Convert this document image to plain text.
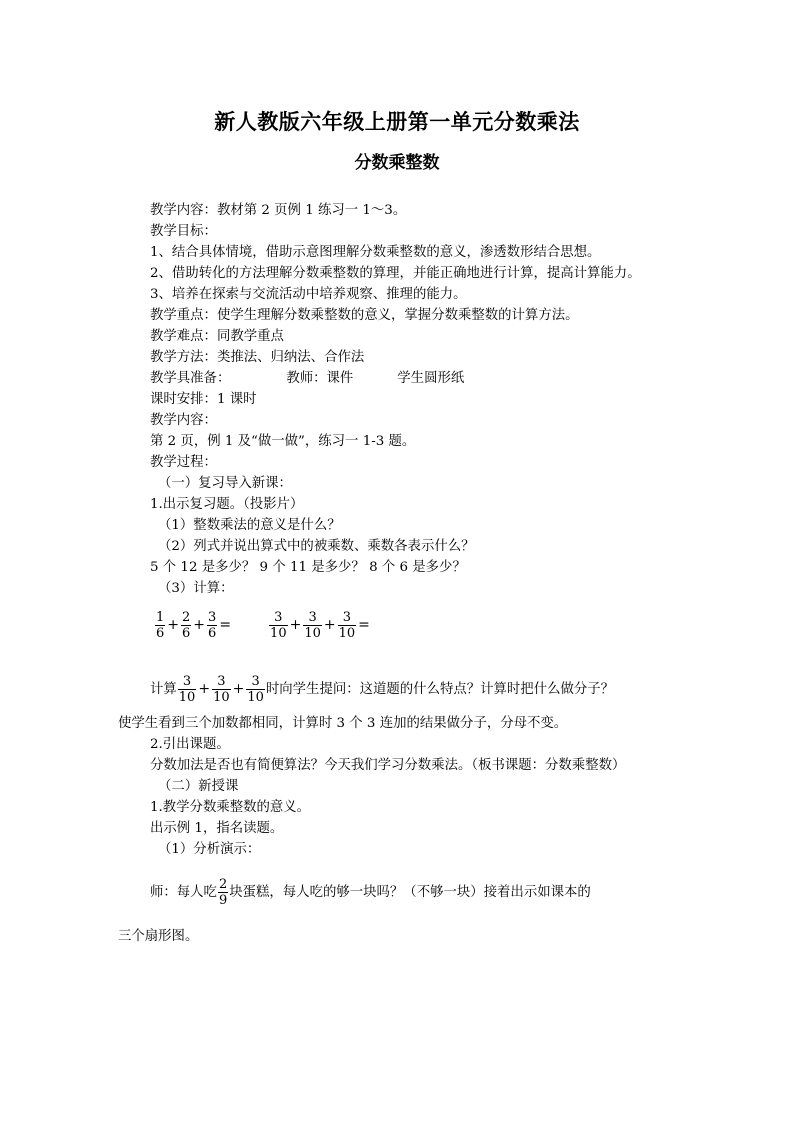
新人教版六年级上册第一单元分数乘法
分数乘整数

教学内容：教材第 2 页例 1 练习一 1～3。

教学目标：

1、结合具体情境，借助示意图理解分数乘整数的意义，渗透数形结合思想。

2、借助转化的方法理解分数乘整数的算理，并能正确地进行计算，提高计算能力。

3、培养在探索与交流活动中培养观察、推理的能力。

教学重点：使学生理解分数乘整数的意义，掌握分数乘整数的计算方法。

教学难点：同教学重点

教学方法：类推法、归纳法、合作法

教学具准备：	教师：课件	学生圆形纸

课时安排：1 课时

教学内容：

第 2 页，例 1 及“做一做”，练习一 1-3 题。

教学过程：

（一）复习导入新课：

1.出示复习题。（投影片）

（1）整数乘法的意义是什么？

（2）列式并说出算式中的被乘数、乘数各表示什么？

5 个 12 是多少？ 9 个 11 是多少？ 8 个 6 是多少？

（3）计算：

$\frac{1}{6} + \frac{2}{6} + \frac{3}{6}$ =	$\frac{3}{10} + \frac{3}{10} + \frac{3}{10}$ =
计算 $\frac{3}{10} + \frac{3}{10} + \frac{3}{10}$ 时向学生提问：这道题的什么特点？计算时把什么做分子？

使学生看到三个加数都相同，计算时 3 个 3 连加的结果做分子，分母不变。

2.引出课题。

分数加法是否也有简便算法？今天我们学习分数乘法。（板书课题：分数乘整数）

（二）新授课

1.教学分数乘整数的意义。

出示例 1，指名读题。

（1）分析演示：

师：每人吃 $\frac{2}{9}$ 块蛋糕，每人吃的够一块吗？（不够一块）接着出示如课本的

三个扇形图。
